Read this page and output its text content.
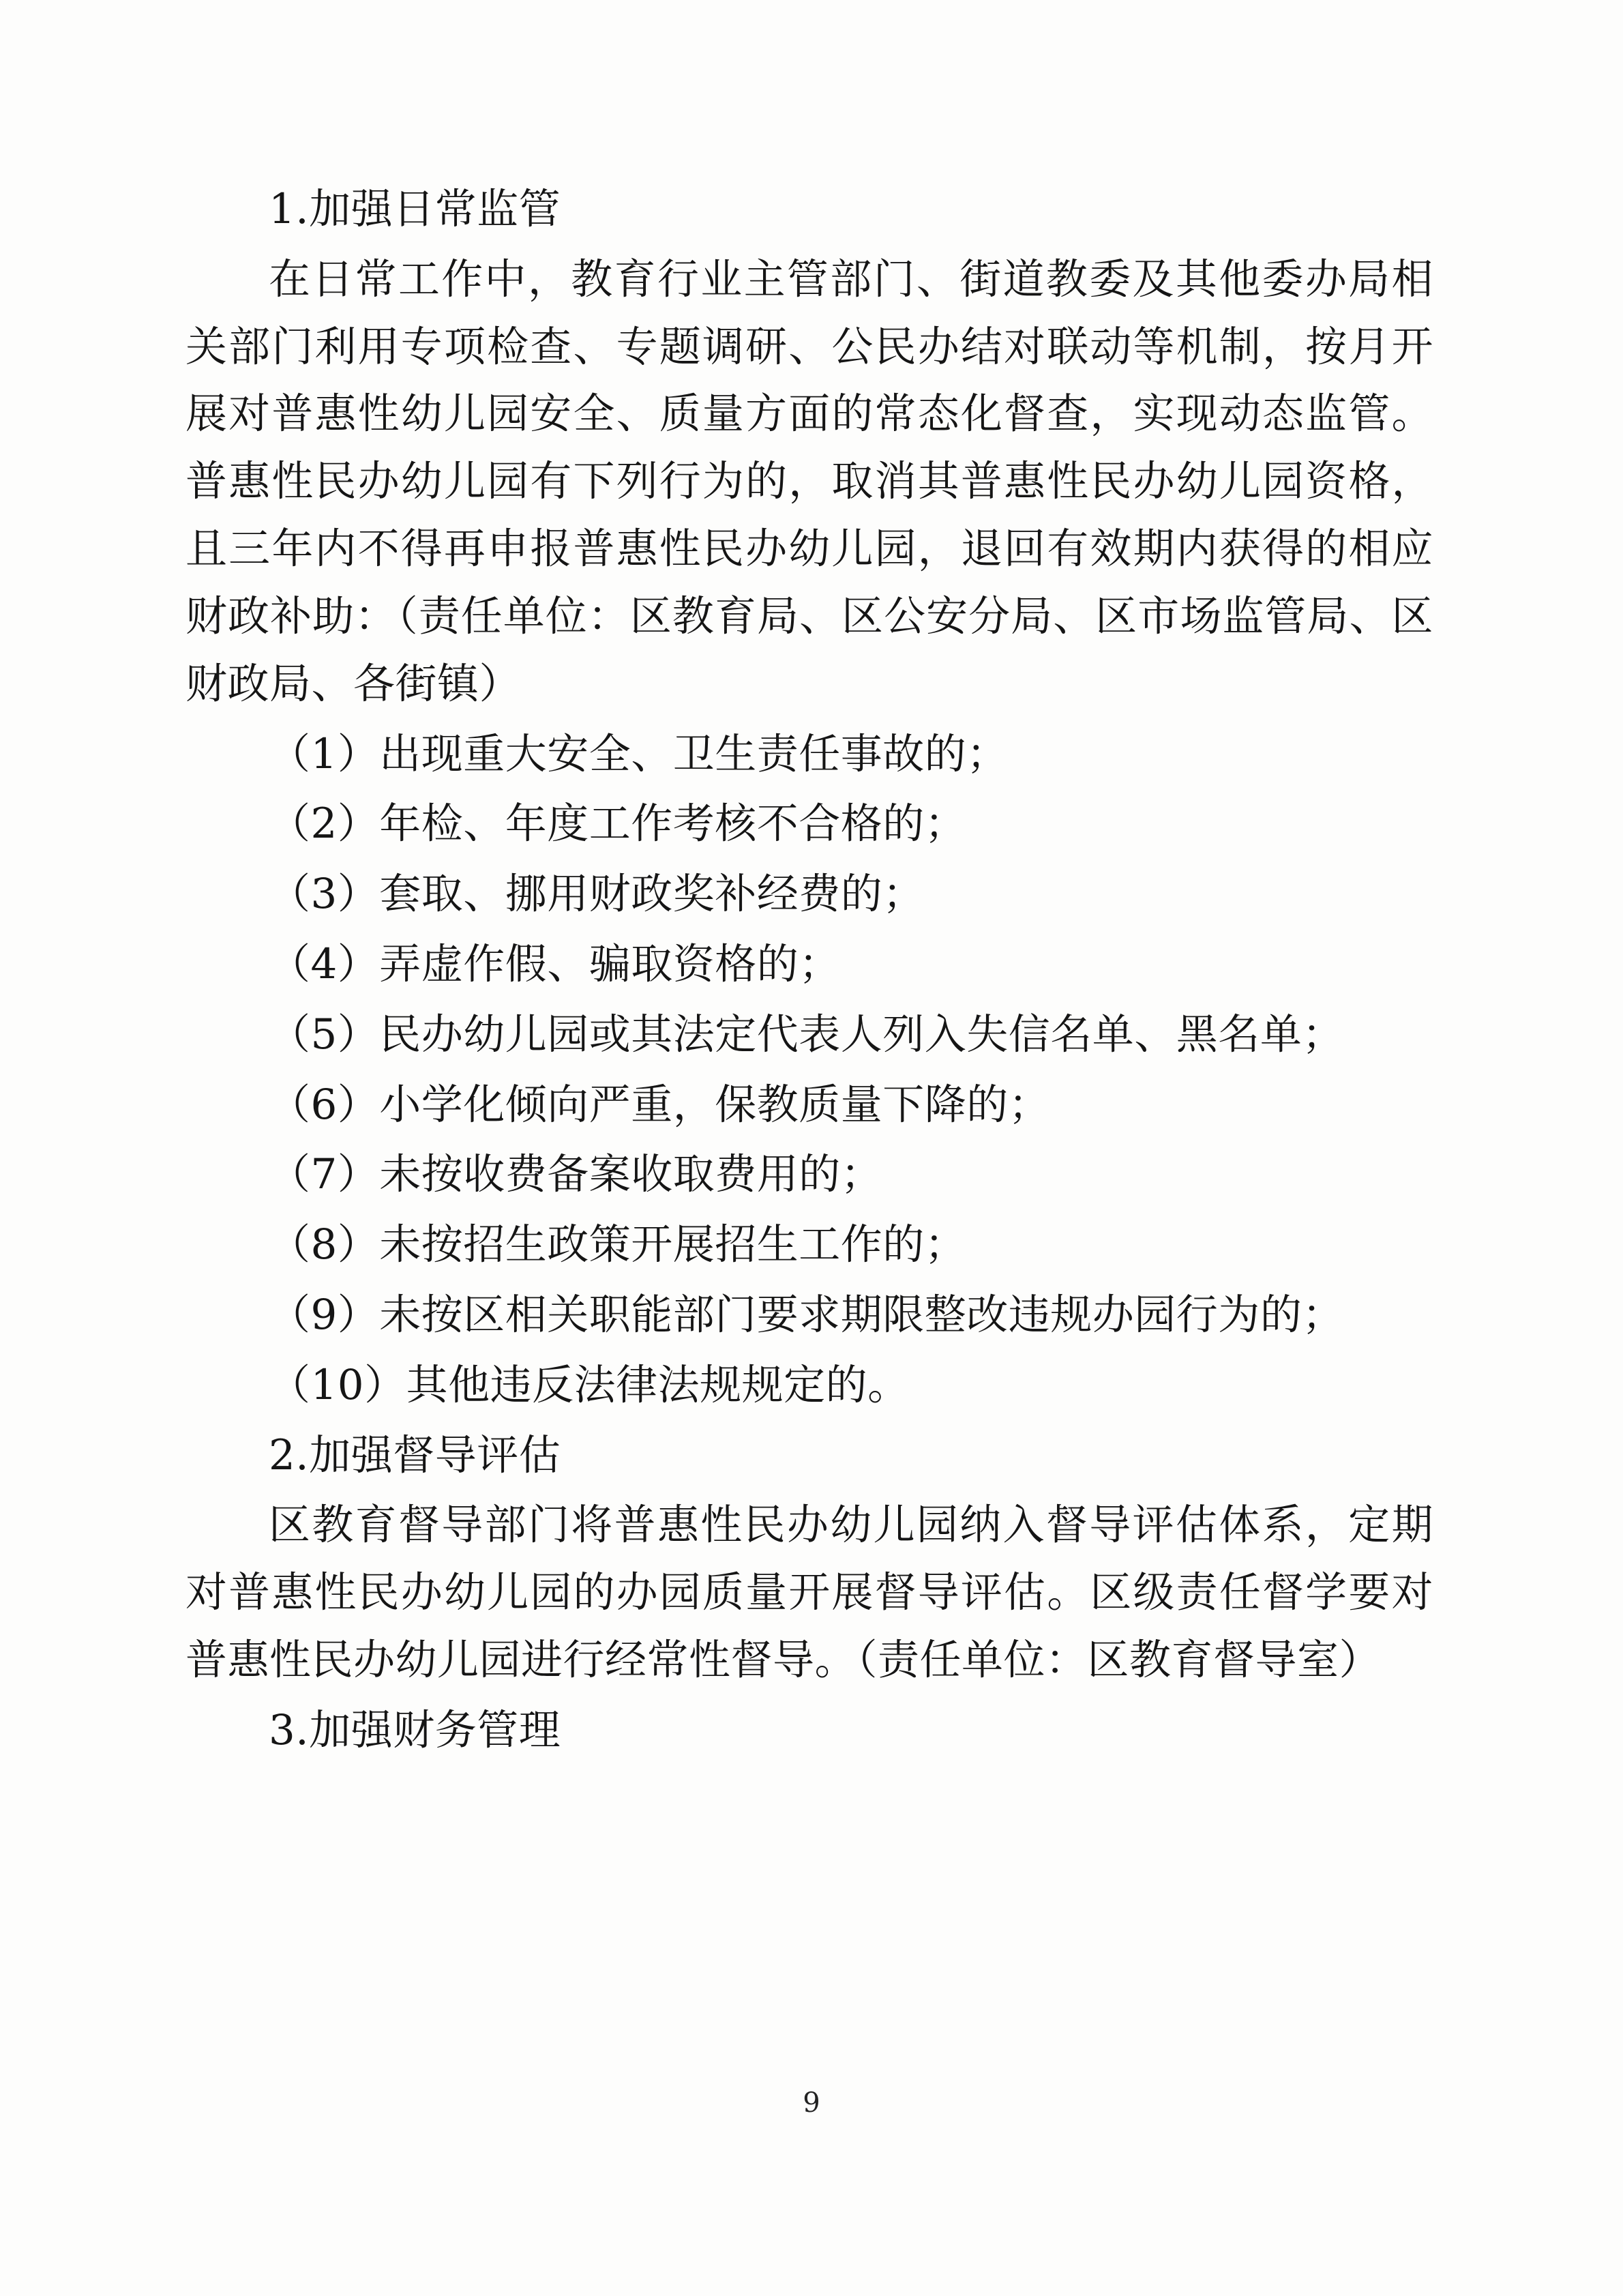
1.加强日常监管

在日常工作中，教育行业主管部门、街道教委及其他委办局相关部门利用专项检查、专题调研、公民办结对联动等机制，按月开展对普惠性幼儿园安全、质量方面的常态化督查，实现动态监管。普惠性民办幼儿园有下列行为的，取消其普惠性民办幼儿园资格，且三年内不得再申报普惠性民办幼儿园，退回有效期内获得的相应财政补助：（责任单位：区教育局、区公安分局、区市场监管局、区财政局、各街镇）

（1）出现重大安全、卫生责任事故的；

（2）年检、年度工作考核不合格的；

（3）套取、挪用财政奖补经费的；

（4）弄虚作假、骗取资格的；

（5）民办幼儿园或其法定代表人列入失信名单、黑名单；

（6）小学化倾向严重，保教质量下降的；

（7）未按收费备案收取费用的；

（8）未按招生政策开展招生工作的；

（9）未按区相关职能部门要求期限整改违规办园行为的；

（10）其他违反法律法规规定的。

2.加强督导评估

区教育督导部门将普惠性民办幼儿园纳入督导评估体系，定期对普惠性民办幼儿园的办园质量开展督导评估。区级责任督学要对普惠性民办幼儿园进行经常性督导。（责任单位：区教育督导室）

3.加强财务管理

9
